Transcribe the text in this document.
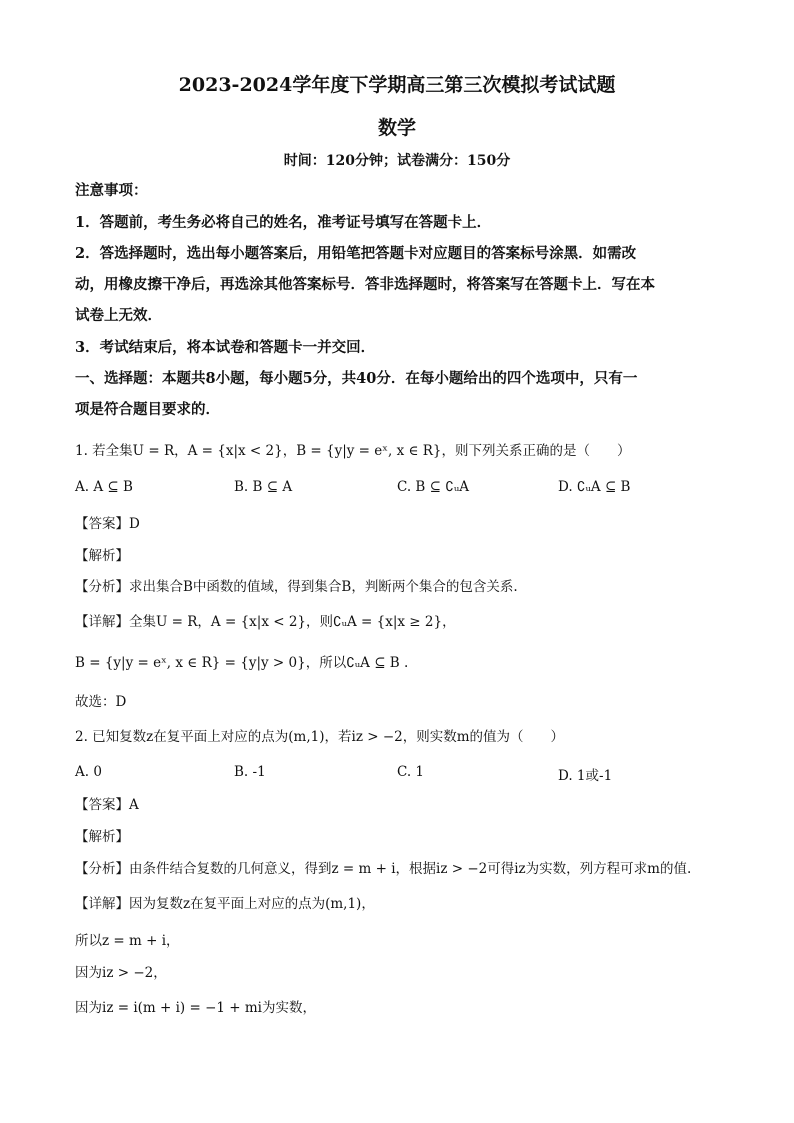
2023-2024学年度下学期高三第三次模拟考试试题
数学
时间：120分钟；试卷满分：150分
注意事项：
1．答题前，考生务必将自己的姓名，准考证号填写在答题卡上．
2．答选择题时，选出每小题答案后，用铅笔把答题卡对应题目的答案标号涂黑．如需改
动，用橡皮擦干净后，再选涂其他答案标号．答非选择题时，将答案写在答题卡上．写在本
试卷上无效．
3．考试结束后，将本试卷和答题卡一并交回．
一、选择题：本题共8小题，每小题5分，共40分．在每小题给出的四个选项中，只有一
项是符合题目要求的．
1. 若全集U = R，A = {x|x < 2}，B = {y|y = eˣ, x ∈ R}，则下列关系正确的是（　　）
A. A ⊆ B	B. B ⊆ A	C. B ⊆ ∁ᵤA	D. ∁ᵤA ⊆ B
【答案】D
【解析】
【分析】求出集合B中函数的值域，得到集合B，判断两个集合的包含关系.
【详解】全集U = R，A = {x|x < 2}，则∁ᵤA = {x|x ≥ 2}，
B = {y|y = eˣ, x ∈ R} = {y|y > 0}，所以∁ᵤA ⊆ B .
故选：D
2. 已知复数z在复平面上对应的点为(m,1)，若iz > −2，则实数m的值为（　　）
A. 0	B. -1	C. 1	D. 1或-1
【答案】A
【解析】
【分析】由条件结合复数的几何意义，得到z = m + i，根据iz > −2可得iz为实数，列方程可求m的值.
【详解】因为复数z在复平面上对应的点为(m,1)，
所以z = m + i，
因为iz > −2，
因为iz = i(m + i) = −1 + mi为实数，
